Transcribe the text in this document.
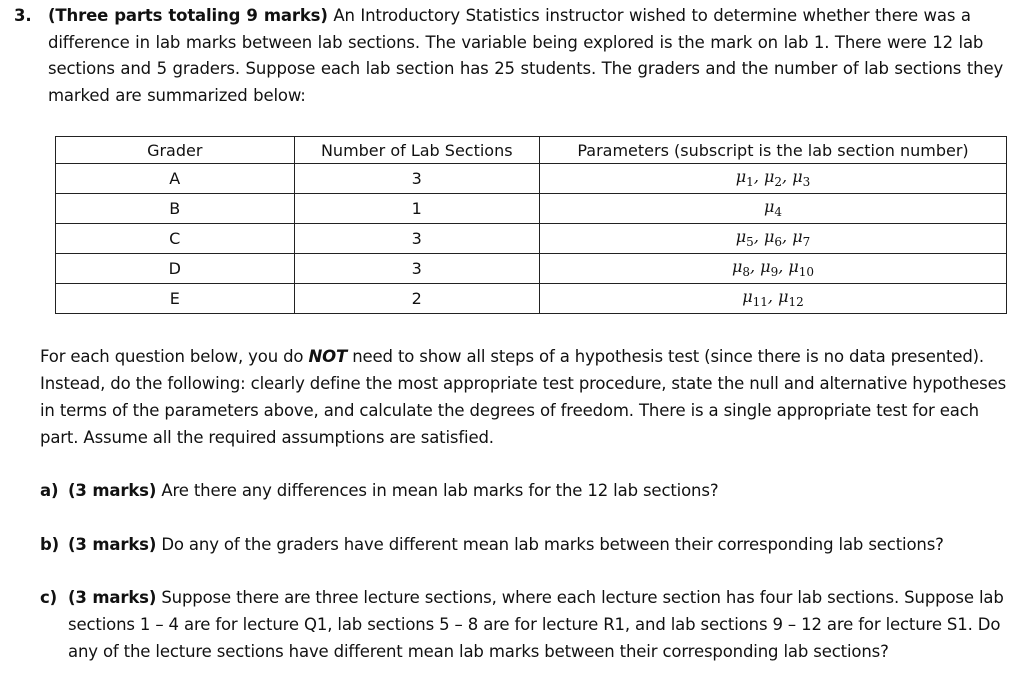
3. (Three parts totaling 9 marks) An Introductory Statistics instructor wished to determine whether there was a difference in lab marks between lab sections. The variable being explored is the mark on lab 1. There were 12 lab sections and 5 graders. Suppose each lab section has 25 students. The graders and the number of lab sections they marked are summarized below:
Grader	Number of Lab Sections	Parameters (subscript is the lab section number)
A	3	$\mu_1$, $\mu_2$, $\mu_3$
B	1	$\mu_4$
C	3	$\mu_5$, $\mu_6$, $\mu_7$
D	3	$\mu_8$, $\mu_9$, $\mu_{10}$
E	2	$\mu_{11}$, $\mu_{12}$
For each question below, you do NOT need to show all steps of a hypothesis test (since there is no data presented). Instead, do the following: clearly define the most appropriate test procedure, state the null and alternative hypotheses in terms of the parameters above, and calculate the degrees of freedom. There is a single appropriate test for each part. Assume all the required assumptions are satisfied.
a) (3 marks) Are there any differences in mean lab marks for the 12 lab sections?
b) (3 marks) Do any of the graders have different mean lab marks between their corresponding lab sections?
c) (3 marks) Suppose there are three lecture sections, where each lecture section has four lab sections. Suppose lab sections 1 – 4 are for lecture Q1, lab sections 5 – 8 are for lecture R1, and lab sections 9 – 12 are for lecture S1. Do any of the lecture sections have different mean lab marks between their corresponding lab sections?
